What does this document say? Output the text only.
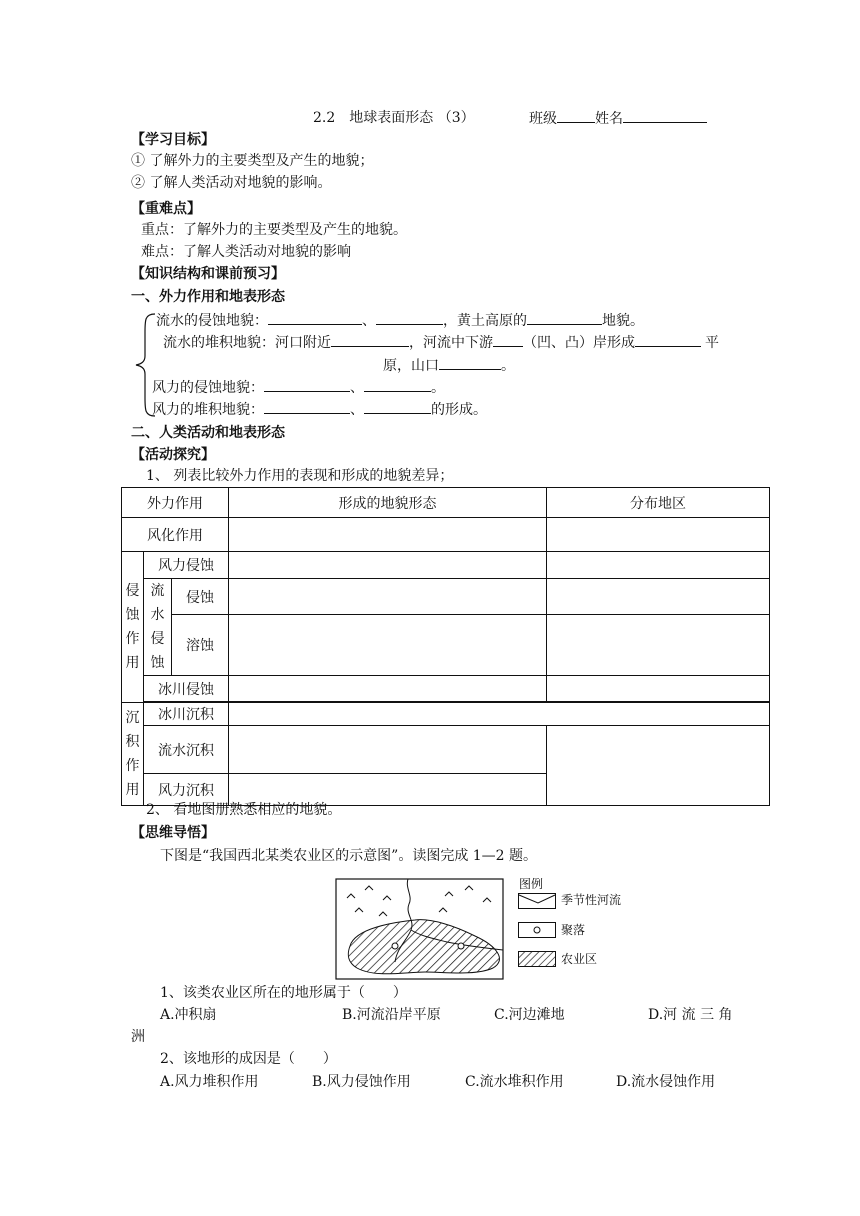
2.2　地球表面形态 （3）	班级	姓名
【学习目标】
① 了解外力的主要类型及产生的地貌；
② 了解人类活动对地貌的影响。
【重难点】
重点：了解外力的主要类型及产生的地貌。
难点：了解人类活动对地貌的影响
【知识结构和课前预习】
一、外力作用和地表形态
流水的侵蚀地貌：	、	，黄土高原的	地貌。
流水的堆积地貌：河口附近	，河流中下游 （凹、凸）岸形成	平
原，山口	。
风力的侵蚀地貌：	、	。
风力的堆积地貌：	、	的形成。
二、人类活动和地表形态
【活动探究】
1、 列表比较外力作用的表现和形成的地貌差异；
外力作用			形成的地貌形态	分布地区	
风化作用					
侵蚀作用	风力侵蚀				
	流水侵蚀	侵蚀			
		溶蚀			
	冰川侵蚀				

沉积作用	冰川沉积				
	流水沉积				
	风力沉积				
2、 看地图册熟悉相应的地貌。
【思维导悟】
下图是“我国西北某类农业区的示意图”。读图完成 1—2 题。
图例
季节性河流
聚落
农业区
1、该类农业区所在的地形属于（　　）
A.冲积扇	B.河流沿岸平原	C.河边滩地	D.河 流 三 角
洲
2、该地形的成因是（　　）
A.风力堆积作用	B.风力侵蚀作用	C.流水堆积作用	D.流水侵蚀作用
